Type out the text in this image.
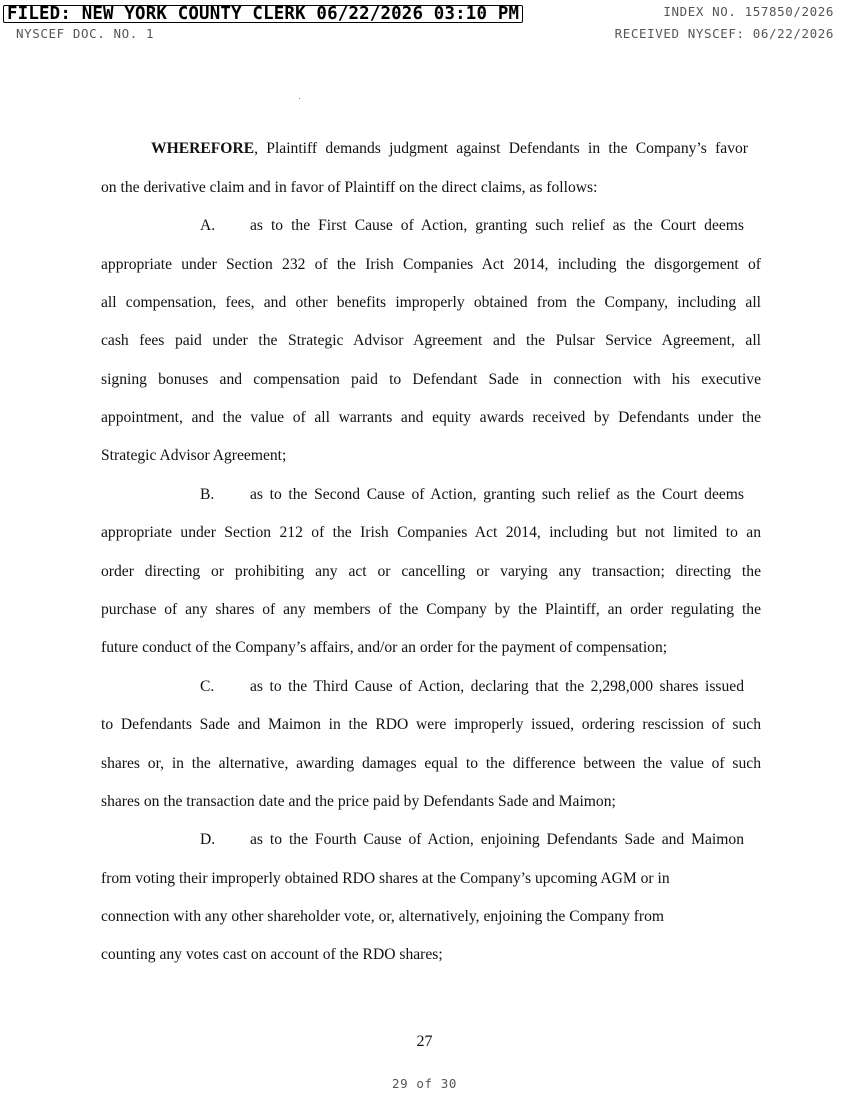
FILED: NEW YORK COUNTY CLERK 06/22/2026 03:10 PM	INDEX NO. 157850/2026
NYSCEF DOC. NO. 1	RECEIVED NYSCEF: 06/22/2026
WHEREFORE, Plaintiff demands judgment against Defendants in the Company’s favor
on the derivative claim and in favor of Plaintiff on the direct claims, as follows:
A. as to the First Cause of Action, granting such relief as the Court deems
appropriate under Section 232 of the Irish Companies Act 2014, including the disgorgement of
all compensation, fees, and other benefits improperly obtained from the Company, including all
cash fees paid under the Strategic Advisor Agreement and the Pulsar Service Agreement, all
signing bonuses and compensation paid to Defendant Sade in connection with his executive
appointment, and the value of all warrants and equity awards received by Defendants under the
Strategic Advisor Agreement;
B. as to the Second Cause of Action, granting such relief as the Court deems
appropriate under Section 212 of the Irish Companies Act 2014, including but not limited to an
order directing or prohibiting any act or cancelling or varying any transaction; directing the
purchase of any shares of any members of the Company by the Plaintiff, an order regulating the
future conduct of the Company’s affairs, and/or an order for the payment of compensation;
C. as to the Third Cause of Action, declaring that the 2,298,000 shares issued
to Defendants Sade and Maimon in the RDO were improperly issued, ordering rescission of such
shares or, in the alternative, awarding damages equal to the difference between the value of such
shares on the transaction date and the price paid by Defendants Sade and Maimon;
D. as to the Fourth Cause of Action, enjoining Defendants Sade and Maimon
from voting their improperly obtained RDO shares at the Company’s upcoming AGM or in
connection with any other shareholder vote, or, alternatively, enjoining the Company from
counting any votes cast on account of the RDO shares;
27
29 of 30
